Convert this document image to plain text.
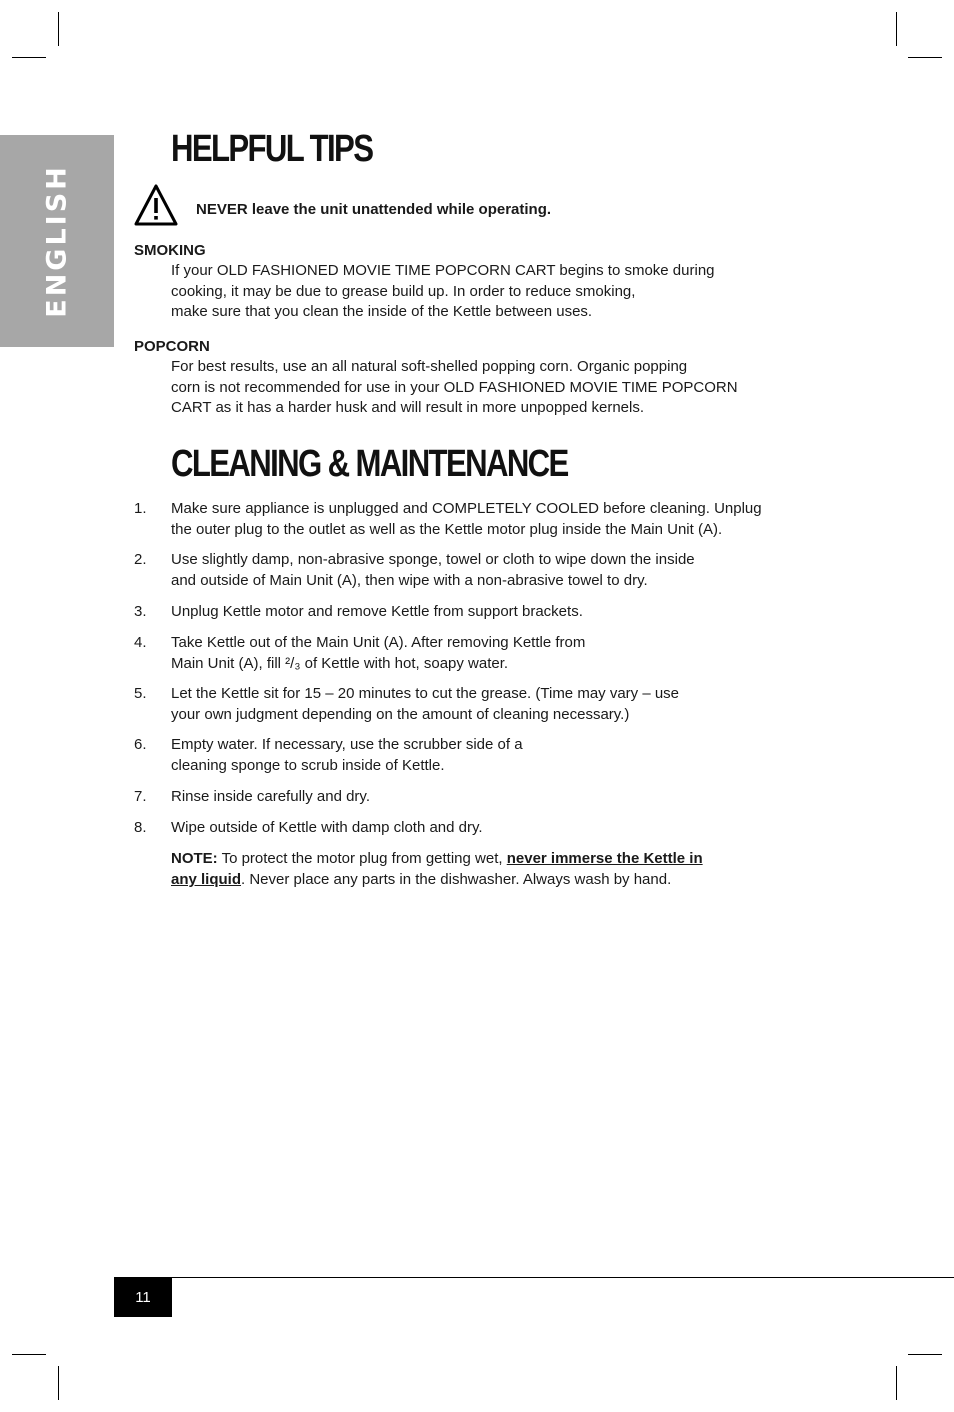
ENGLISH
HELPFUL TIPS
NEVER leave the unit unattended while operating.
SMOKING
If your OLD FASHIONED MOVIE TIME POPCORN CART begins to smoke during
cooking, it may be due to grease build up. In order to reduce smoking,
make sure that you clean the inside of the Kettle between uses.
POPCORN
For best results, use an all natural soft-shelled popping corn. Organic popping
corn is not recommended for use in your OLD FASHIONED MOVIE TIME POPCORN
CART as it has a harder husk and will result in more unpopped kernels.
CLEANING & MAINTENANCE
1. Make sure appliance is unplugged and COMPLETELY COOLED before cleaning. Unplug
the outer plug to the outlet as well as the Kettle motor plug inside the Main Unit (A).
2. Use slightly damp, non-abrasive sponge, towel or cloth to wipe down the inside
and outside of Main Unit (A), then wipe with a non-abrasive towel to dry.
3. Unplug Kettle motor and remove Kettle from support brackets.
4. Take Kettle out of the Main Unit (A). After removing Kettle from
Main Unit (A), fill ²/₃ of Kettle with hot, soapy water.
5. Let the Kettle sit for 15 – 20 minutes to cut the grease. (Time may vary – use
your own judgment depending on the amount of cleaning necessary.)
6. Empty water. If necessary, use the scrubber side of a
cleaning sponge to scrub inside of Kettle.
7. Rinse inside carefully and dry.
8. Wipe outside of Kettle with damp cloth and dry.
NOTE: To protect the motor plug from getting wet, never immerse the Kettle in
any liquid. Never place any parts in the dishwasher. Always wash by hand.
11
